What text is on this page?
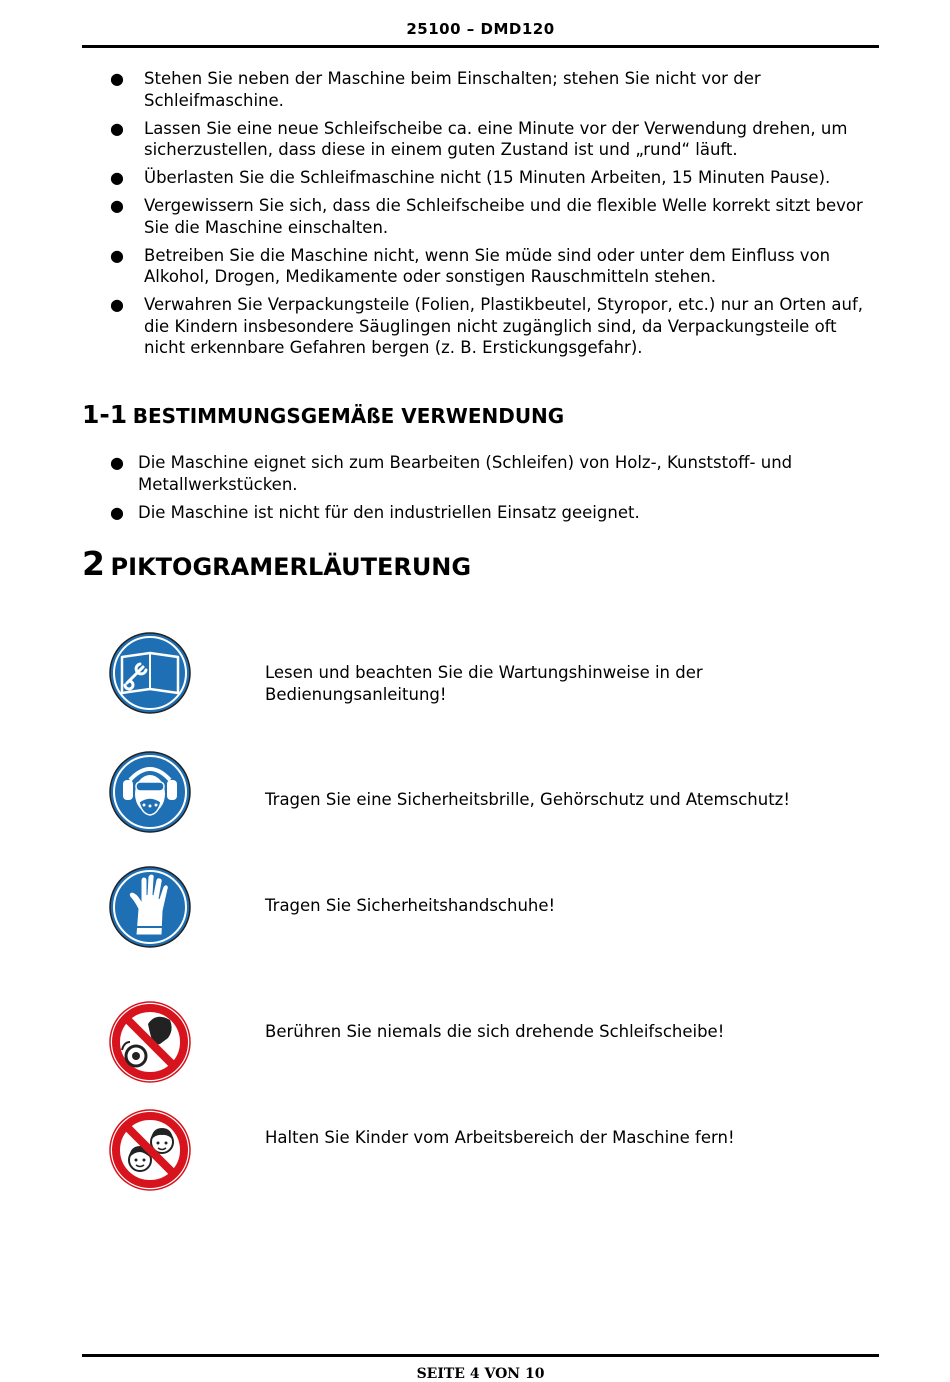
25100 – DMD120
●	Stehen Sie neben der Maschine beim Einschalten; stehen Sie nicht vor der Schleifmaschine.
●	Lassen Sie eine neue Schleifscheibe ca. eine Minute vor der Verwendung drehen, um sicherzustellen, dass diese in einem guten Zustand ist und „rund“ läuft.
●	Überlasten Sie die Schleifmaschine nicht (15 Minuten Arbeiten, 15 Minuten Pause).
●	Vergewissern Sie sich, dass die Schleifscheibe und die flexible Welle korrekt sitzt bevor Sie die Maschine einschalten.
●	Betreiben Sie die Maschine nicht, wenn Sie müde sind oder unter dem Einfluss von Alkohol, Drogen, Medikamente oder sonstigen Rauschmitteln stehen.
●	Verwahren Sie Verpackungsteile (Folien, Plastikbeutel, Styropor, etc.) nur an Orten auf, die Kindern insbesondere Säuglingen nicht zugänglich sind, da Verpackungsteile oft nicht erkennbare Gefahren bergen (z. B. Erstickungsgefahr).
1-1 BESTIMMUNGSGEMÄßE VERWENDUNG
● Die Maschine eignet sich zum Bearbeiten (Schleifen) von Holz-, Kunststoff- und Metallwerkstücken.
● Die Maschine ist nicht für den industriellen Einsatz geeignet.
2 PIKTOGRAMERLÄUTERUNG
Lesen und beachten Sie die Wartungshinweise in der Bedienungsanleitung!
Tragen Sie eine Sicherheitsbrille, Gehörschutz und Atemschutz!
Tragen Sie Sicherheitshandschuhe!
Berühren Sie niemals die sich drehende Schleifscheibe!
Halten Sie Kinder vom Arbeitsbereich der Maschine fern!
SEITE 4 VON 10
